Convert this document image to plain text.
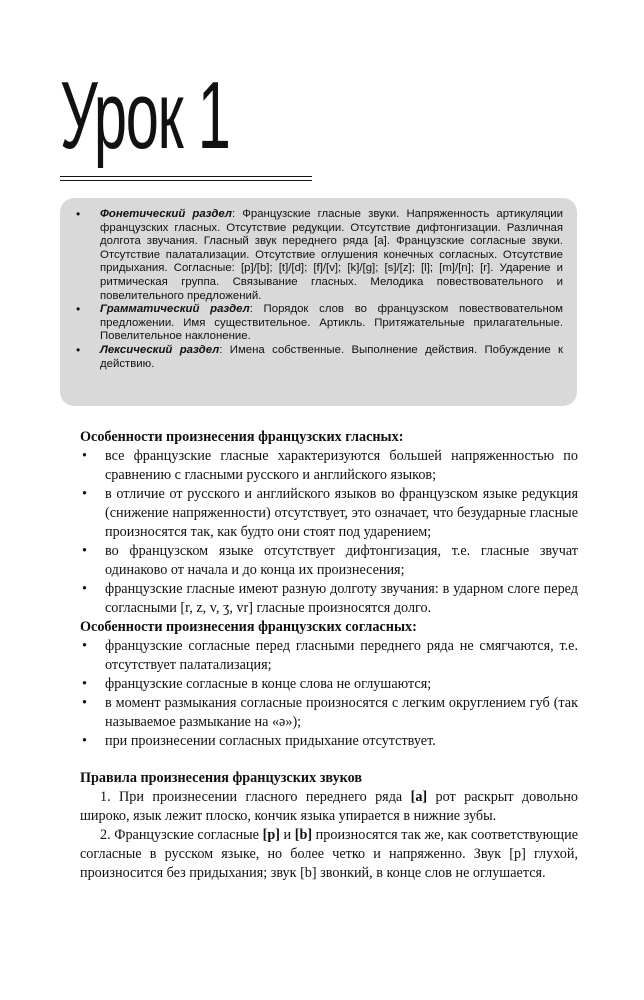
Урок 1
• Фонетический раздел: Французские гласные звуки. Напряженность артикуляции французских гласных. Отсутствие редукции. Отсутствие дифтонгизации. Различная долгота звучания. Гласный звук переднего ряда [a]. Французские согласные звуки. Отсутствие палатализации. Отсутствие оглушения конечных согласных. Отсутствие придыхания. Согласные: [p]/[b]; [t]/[d]; [f]/[v]; [k]/[g]; [s]/[z]; [l]; [m]/[n]; [r]. Ударение и ритмическая группа. Связывание гласных. Мелодика повествовательного и повелительного предложений.
• Грамматический раздел: Порядок слов во французском повествовательном предложении. Имя существительное. Артикль. Притяжательные прилагательные. Повелительное наклонение.
• Лексический раздел: Имена собственные. Выполнение действия. Побуждение к действию.
Особенности произнесения французских гласных:
• все французские гласные характеризуются большей напряженностью по сравнению с гласными русского и английского языков;
• в отличие от русского и английского языков во французском языке редукция (снижение напряженности) отсутствует, это означает, что безударные гласные произносятся так, как будто они стоят под ударением;
• во французском языке отсутствует дифтонгизация, т.е. гласные звучат одинаково от начала и до конца их произнесения;
• французские гласные имеют разную долготу звучания: в ударном слоге перед согласными [r, z, v, ʒ, vr] гласные произносятся долго.
Особенности произнесения французских согласных:
• французские согласные перед гласными переднего ряда не смягчаются, т.е. отсутствует палатализация;
• французские согласные в конце слова не оглушаются;
• в момент размыкания согласные произносятся с легким округлением губ (так называемое размыкание на «ə»);
• при произнесении согласных придыхание отсутствует.
Правила произнесения французских звуков

1. При произнесении гласного переднего ряда [a] рот раскрыт довольно широко, язык лежит плоско, кончик языка упирается в нижние зубы.

2. Французские согласные [p] и [b] произносятся так же, как соответствующие согласные в русском языке, но более четко и напряженно. Звук [p] глухой, произносится без придыхания; звук [b] звонкий, в конце слов не оглушается.
